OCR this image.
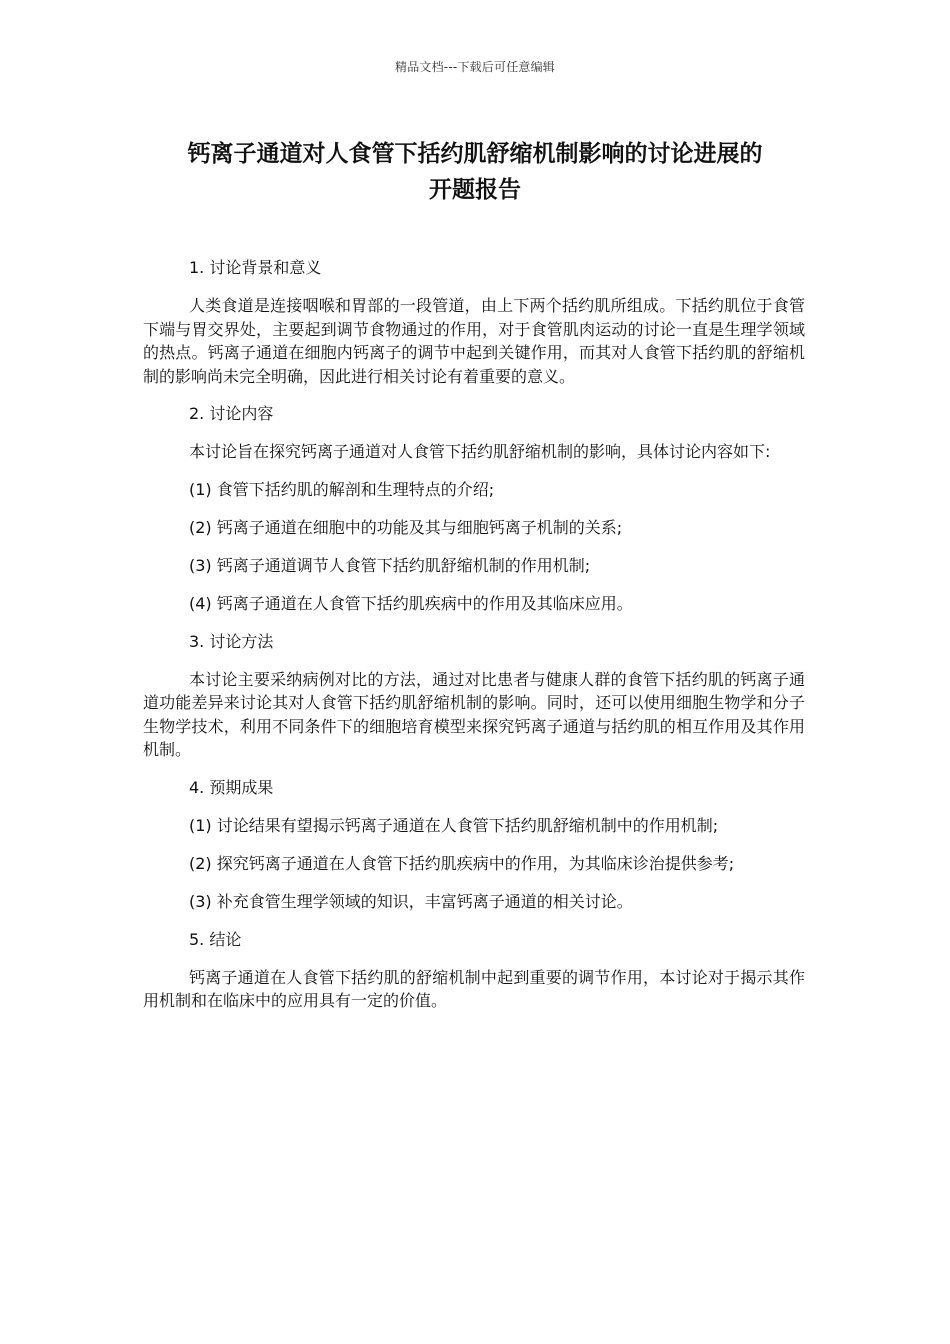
精品文档---下载后可任意编辑
钙离子通道对人食管下括约肌舒缩机制影响的讨论进展的
开题报告
1. 讨论背景和意义
人类食道是连接咽喉和胃部的一段管道，由上下两个括约肌所组成。下括约肌位于食管下端与胃交界处，主要起到调节食物通过的作用，对于食管肌肉运动的讨论一直是生理学领域的热点。钙离子通道在细胞内钙离子的调节中起到关键作用，而其对人食管下括约肌的舒缩机制的影响尚未完全明确，因此进行相关讨论有着重要的意义。
2. 讨论内容
本讨论旨在探究钙离子通道对人食管下括约肌舒缩机制的影响，具体讨论内容如下:
(1) 食管下括约肌的解剖和生理特点的介绍;
(2) 钙离子通道在细胞中的功能及其与细胞钙离子机制的关系;
(3) 钙离子通道调节人食管下括约肌舒缩机制的作用机制;
(4) 钙离子通道在人食管下括约肌疾病中的作用及其临床应用。
3. 讨论方法
本讨论主要采纳病例对比的方法，通过对比患者与健康人群的食管下括约肌的钙离子通道功能差异来讨论其对人食管下括约肌舒缩机制的影响。同时，还可以使用细胞生物学和分子生物学技术，利用不同条件下的细胞培育模型来探究钙离子通道与括约肌的相互作用及其作用机制。
4. 预期成果
(1) 讨论结果有望揭示钙离子通道在人食管下括约肌舒缩机制中的作用机制;
(2) 探究钙离子通道在人食管下括约肌疾病中的作用，为其临床诊治提供参考;
(3) 补充食管生理学领域的知识，丰富钙离子通道的相关讨论。
5. 结论
钙离子通道在人食管下括约肌的舒缩机制中起到重要的调节作用，本讨论对于揭示其作用机制和在临床中的应用具有一定的价值。
